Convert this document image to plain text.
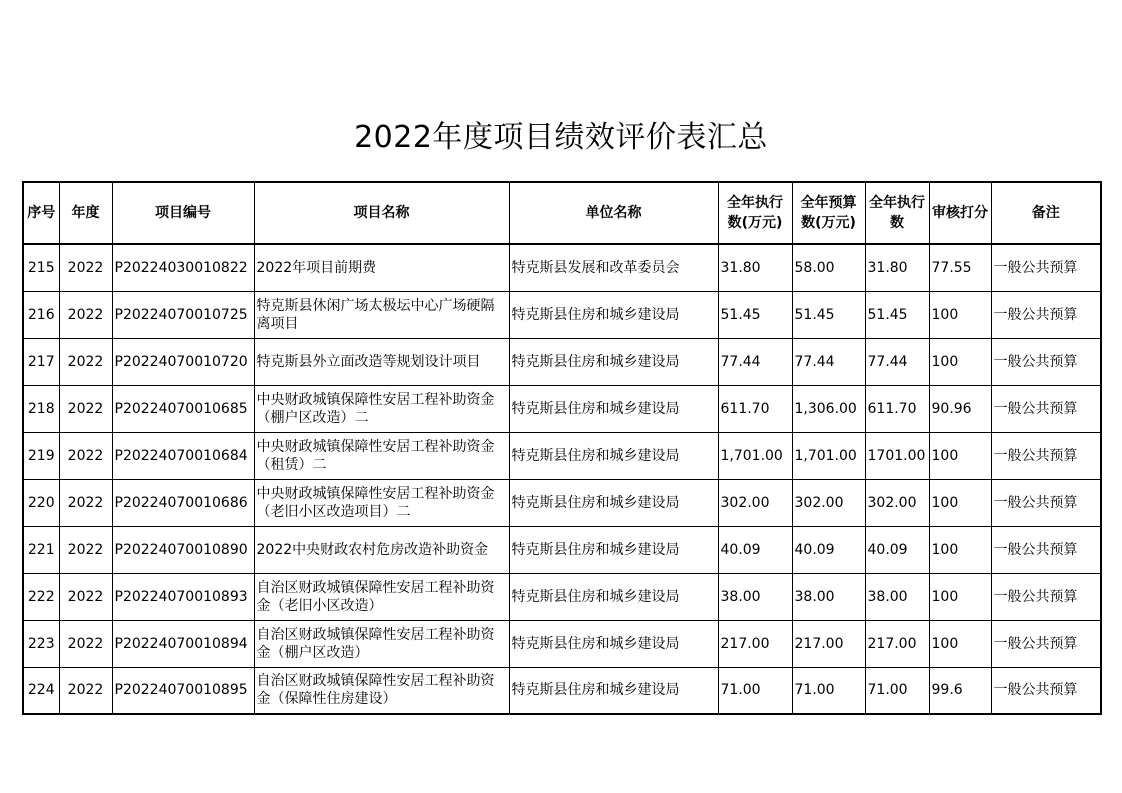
2022年度项目绩效评价表汇总
序号	年度	项目编号	项目名称	单位名称	全年执行数(万元)	全年预算数(万元)	全年执行数	审核打分	备注
215	2022	P20224030010822	2022年项目前期费	特克斯县发展和改革委员会	31.80	58.00	31.80	77.55	一般公共预算
216	2022	P20224070010725	特克斯县休闲广场太极坛中心广场硬隔离项目	特克斯县住房和城乡建设局	51.45	51.45	51.45	100	一般公共预算
217	2022	P20224070010720	特克斯县外立面改造等规划设计项目	特克斯县住房和城乡建设局	77.44	77.44	77.44	100	一般公共预算
218	2022	P20224070010685	中央财政城镇保障性安居工程补助资金（棚户区改造）二	特克斯县住房和城乡建设局	611.70	1,306.00	611.70	90.96	一般公共预算
219	2022	P20224070010684	中央财政城镇保障性安居工程补助资金（租赁）二	特克斯县住房和城乡建设局	1,701.00	1,701.00	1701.00	100	一般公共预算
220	2022	P20224070010686	中央财政城镇保障性安居工程补助资金（老旧小区改造项目）二	特克斯县住房和城乡建设局	302.00	302.00	302.00	100	一般公共预算
221	2022	P20224070010890	2022中央财政农村危房改造补助资金	特克斯县住房和城乡建设局	40.09	40.09	40.09	100	一般公共预算
222	2022	P20224070010893	自治区财政城镇保障性安居工程补助资金（老旧小区改造）	特克斯县住房和城乡建设局	38.00	38.00	38.00	100	一般公共预算
223	2022	P20224070010894	自治区财政城镇保障性安居工程补助资金（棚户区改造）	特克斯县住房和城乡建设局	217.00	217.00	217.00	100	一般公共预算
224	2022	P20224070010895	自治区财政城镇保障性安居工程补助资金（保障性住房建设）	特克斯县住房和城乡建设局	71.00	71.00	71.00	99.6	一般公共预算
